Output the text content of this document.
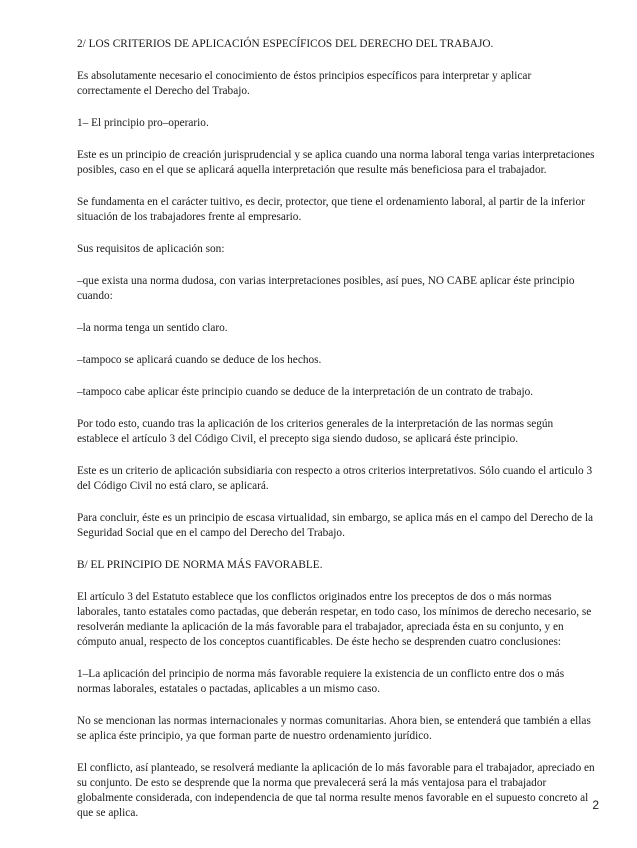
2/ LOS CRITERIOS DE APLICACIÓN ESPECÍFICOS DEL DERECHO DEL TRABAJO.

Es absolutamente necesario el conocimiento de éstos principios específicos para interpretar y aplicar correctamente el Derecho del Trabajo.

1– El principio pro–operario.

Este es un principio de creación jurisprudencial y se aplica cuando una norma laboral tenga varias interpretaciones posibles, caso en el que se aplicará aquella interpretación que resulte más beneficiosa para el trabajador.

Se fundamenta en el carácter tuitivo, es decir, protector, que tiene el ordenamiento laboral, al partir de la inferior situación de los trabajadores frente al empresario.

Sus requisitos de aplicación son:

–que exista una norma dudosa, con varias interpretaciones posibles, así pues, NO CABE aplicar éste principio cuando:

–la norma tenga un sentido claro.

–tampoco se aplicará cuando se deduce de los hechos.

–tampoco cabe aplicar éste principio cuando se deduce de la interpretación de un contrato de trabajo.

Por todo esto, cuando tras la aplicación de los criterios generales de la interpretación de las normas según establece el artículo 3 del Código Civil, el precepto siga siendo dudoso, se aplicará éste principio.

Este es un criterio de aplicación subsidiaria con respecto a otros criterios interpretativos. Sólo cuando el articulo 3 del Código Civil no está claro, se aplicará.

Para concluir, éste es un principio de escasa virtualidad, sin embargo, se aplica más en el campo del Derecho de la Seguridad Social que en el campo del Derecho del Trabajo.

B/ EL PRINCIPIO DE NORMA MÁS FAVORABLE.

El artículo 3 del Estatuto establece que los conflictos originados entre los preceptos de dos o más normas laborales, tanto estatales como pactadas, que deberán respetar, en todo caso, los mínimos de derecho necesario, se resolverán mediante la aplicación de la más favorable para el trabajador, apreciada ésta en su conjunto, y en cómputo anual, respecto de los conceptos cuantificables. De éste hecho se desprenden cuatro conclusiones:

1–La aplicación del principio de norma más favorable requiere la existencia de un conflicto entre dos o más normas laborales, estatales o pactadas, aplicables a un mismo caso.

No se mencionan las normas internacionales y normas comunitarias. Ahora bien, se entenderá que también a ellas se aplica éste principio, ya que forman parte de nuestro ordenamiento jurídico.

El conflicto, así planteado, se resolverá mediante la aplicación de lo más favorable para el trabajador, apreciado en su conjunto. De esto se desprende que la norma que prevalecerá será la más ventajosa para el trabajador globalmente considerada, con independencia de que tal norma resulte menos favorable en el supuesto concreto al que se aplica.

2
